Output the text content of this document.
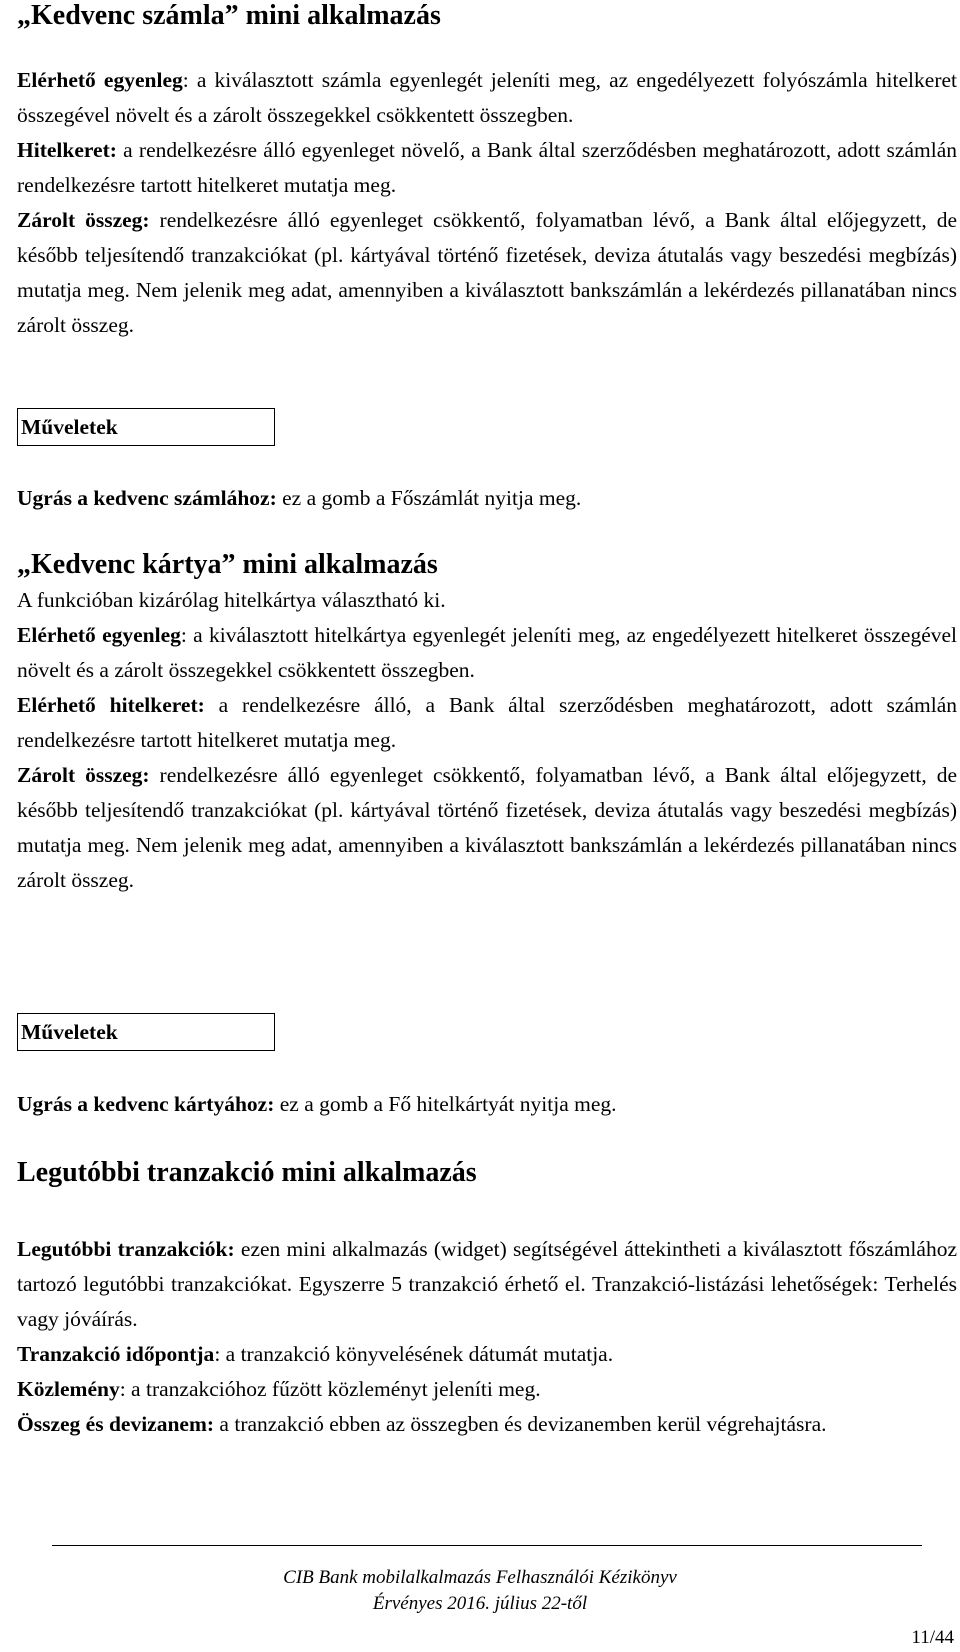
„Kedvenc számla” mini alkalmazás

Elérhető egyenleg: a kiválasztott számla egyenlegét jeleníti meg, az engedélyezett folyószámla hitelkeret összegével növelt és a zárolt összegekkel csökkentett összegben.

Hitelkeret: a rendelkezésre álló egyenleget növelő, a Bank által szerződésben meghatározott, adott számlán rendelkezésre tartott hitelkeret mutatja meg.

Zárolt összeg: rendelkezésre álló egyenleget csökkentő, folyamatban lévő, a Bank által előjegyzett, de később teljesítendő tranzakciókat (pl. kártyával történő fizetések, deviza átutalás vagy beszedési megbízás) mutatja meg. Nem jelenik meg adat, amennyiben a kiválasztott bankszámlán a lekérdezés pillanatában nincs zárolt összeg.

Műveletek

Ugrás a kedvenc számlához: ez a gomb a Főszámlát nyitja meg.

„Kedvenc kártya” mini alkalmazás

A funkcióban kizárólag hitelkártya választható ki.

Elérhető egyenleg: a kiválasztott hitelkártya egyenlegét jeleníti meg, az engedélyezett hitelkeret összegével növelt és a zárolt összegekkel csökkentett összegben.

Elérhető hitelkeret: a rendelkezésre álló, a Bank által szerződésben meghatározott, adott számlán rendelkezésre tartott hitelkeret mutatja meg.

Zárolt összeg: rendelkezésre álló egyenleget csökkentő, folyamatban lévő, a Bank által előjegyzett, de később teljesítendő tranzakciókat (pl. kártyával történő fizetések, deviza átutalás vagy beszedési megbízás) mutatja meg. Nem jelenik meg adat, amennyiben a kiválasztott bankszámlán a lekérdezés pillanatában nincs zárolt összeg.

Műveletek

Ugrás a kedvenc kártyához: ez a gomb a Fő hitelkártyát nyitja meg.

Legutóbbi tranzakció mini alkalmazás

Legutóbbi tranzakciók: ezen mini alkalmazás (widget) segítségével áttekintheti a kiválasztott főszámlához tartozó legutóbbi tranzakciókat. Egyszerre 5 tranzakció érhető el. Tranzakció-listázási lehetőségek: Terhelés vagy jóváírás.

Tranzakció időpontja: a tranzakció könyvelésének dátumát mutatja.

Közlemény: a tranzakcióhoz fűzött közleményt jeleníti meg.

Összeg és devizanem: a tranzakció ebben az összegben és devizanemben kerül végrehajtásra.

CIB Bank mobilalkalmazás Felhasználói Kézikönyv
Érvényes 2016. július 22-től
11/44
